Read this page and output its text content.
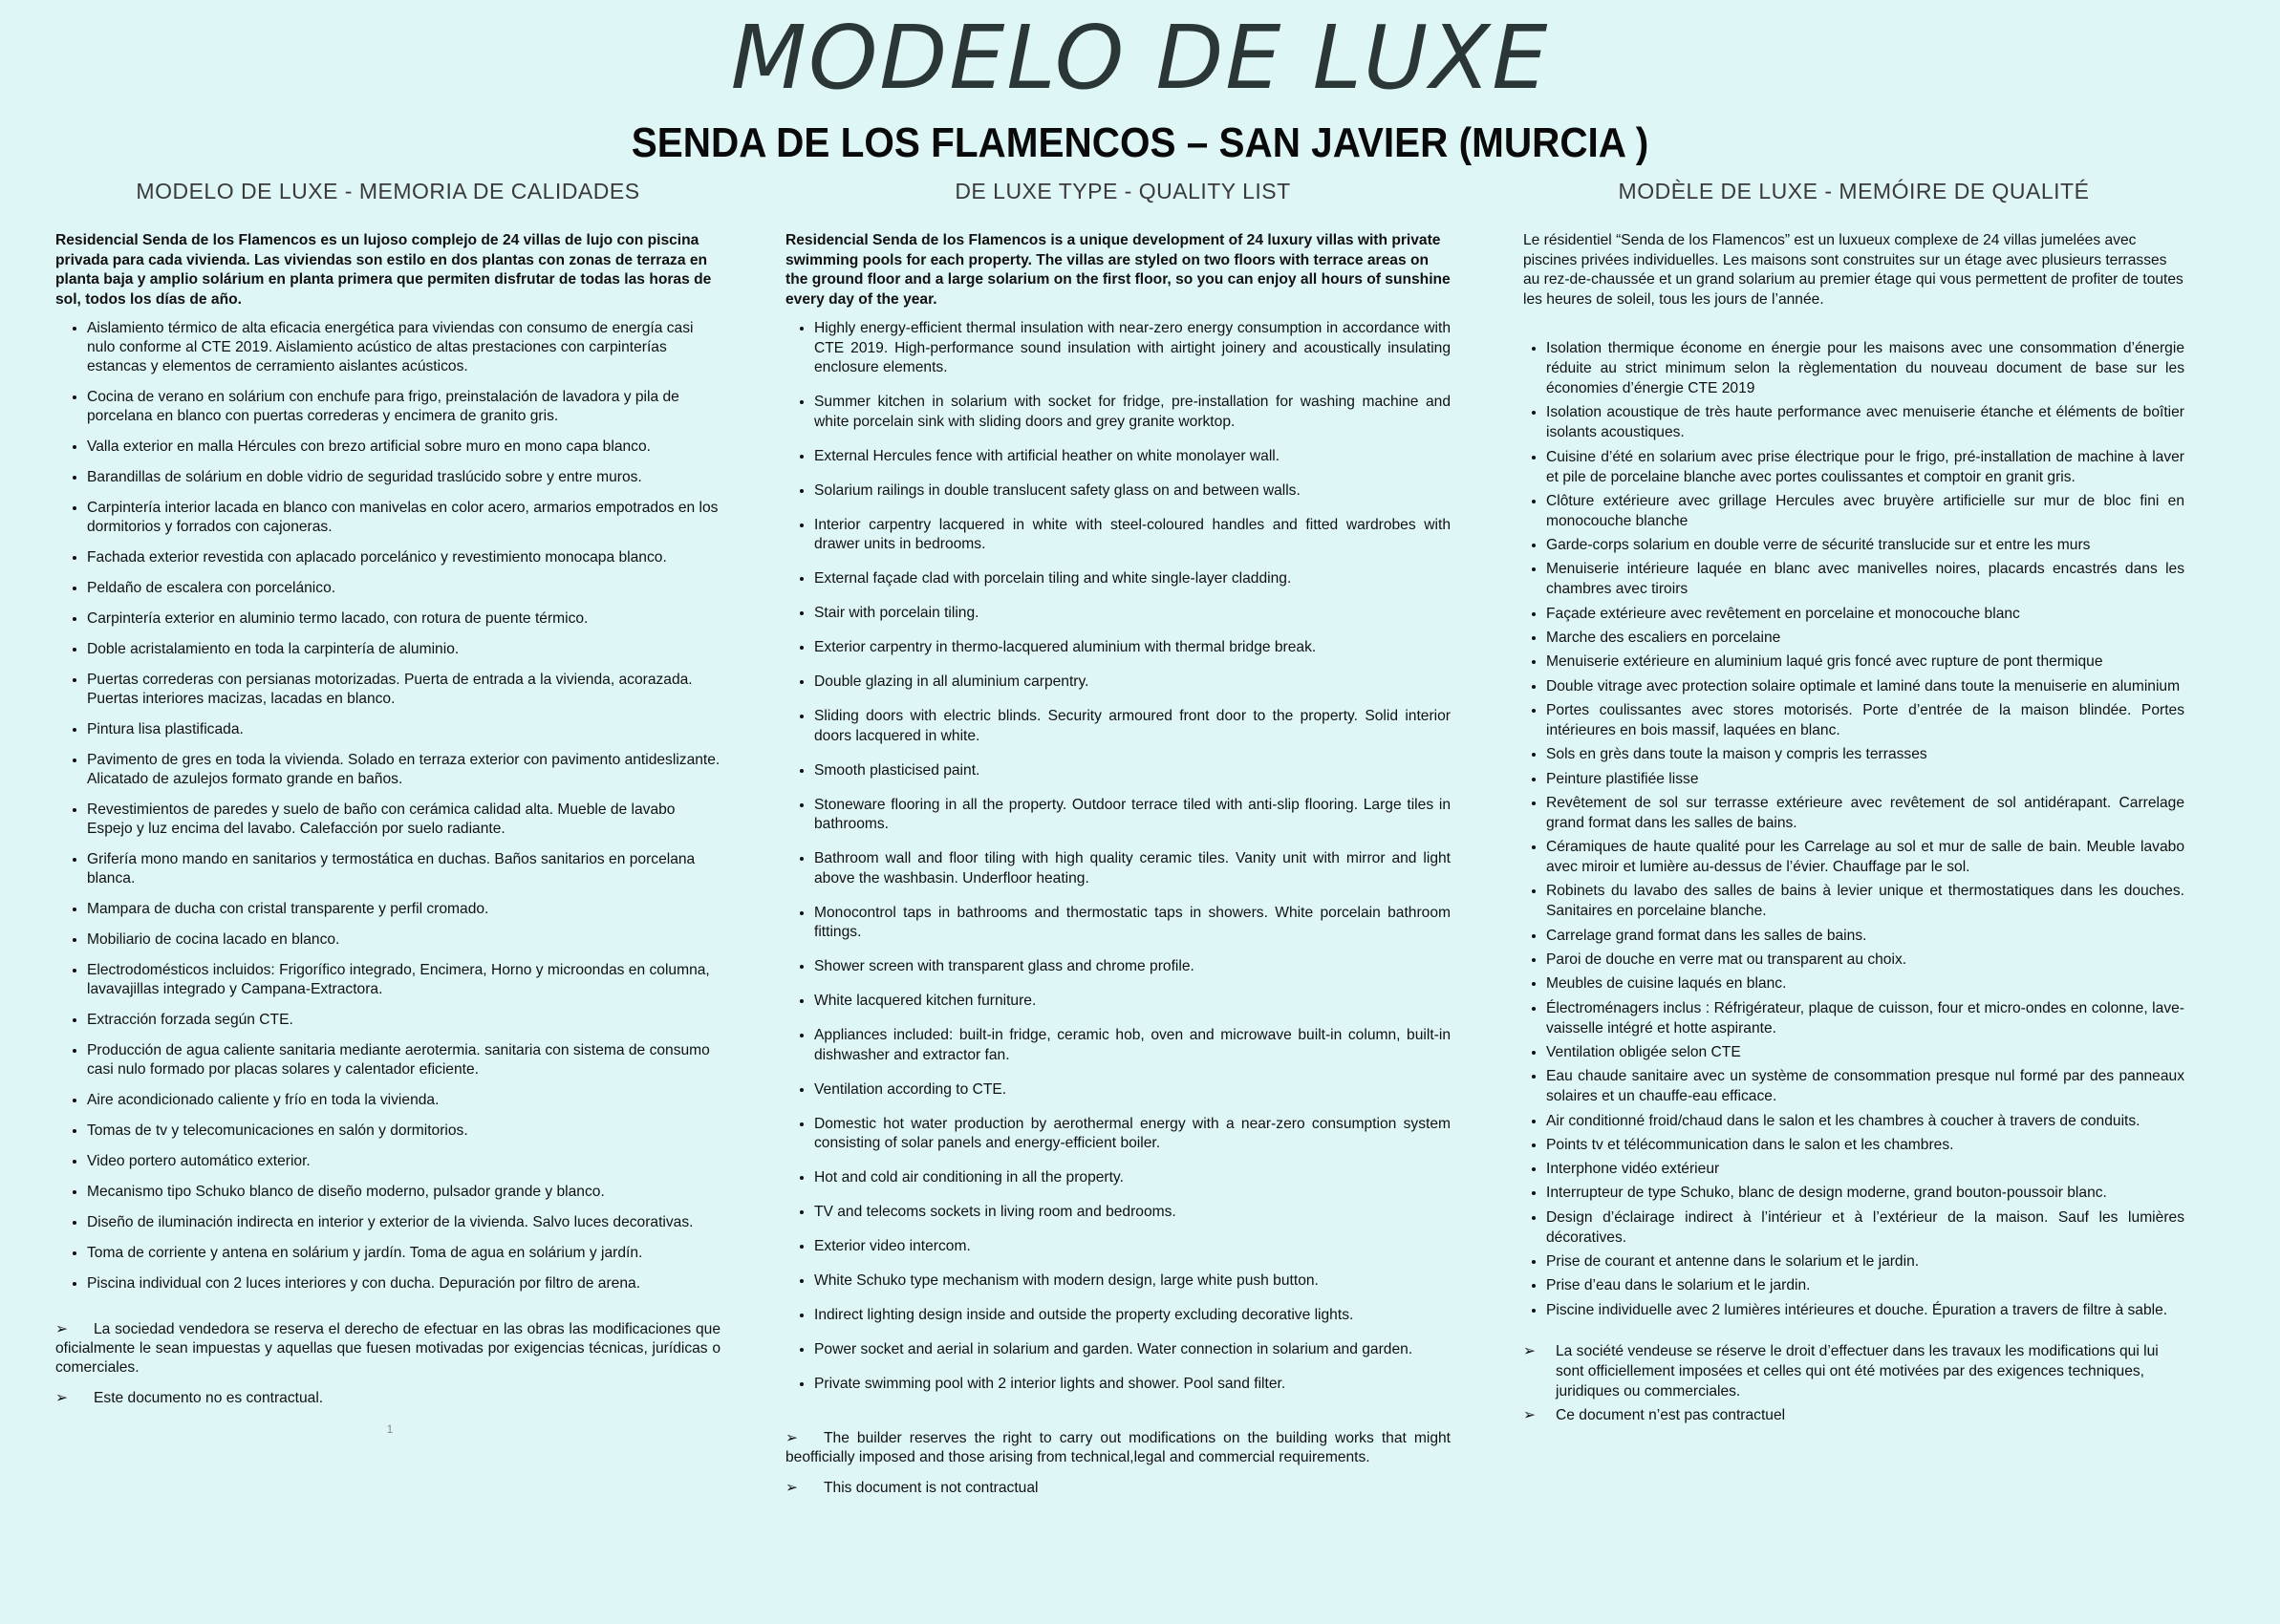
MODELO DE LUXE
SENDA DE LOS FLAMENCOS – SAN JAVIER (MURCIA )
MODELO DE LUXE - MEMORIA DE CALIDADES

Residencial Senda de los Flamencos es un lujoso complejo de 24 villas de lujo con piscina privada para cada vivienda. Las viviendas son estilo en dos plantas con zonas de terraza en planta baja y amplio solárium en planta primera que permiten disfrutar de todas las horas de sol, todos los días de año.

• Aislamiento térmico de alta eficacia energética para viviendas con consumo de energía casi nulo conforme al CTE 2019. Aislamiento acústico de altas prestaciones con carpinterías estancas y elementos de cerramiento aislantes acústicos.
• Cocina de verano en solárium con enchufe para frigo, preinstalación de lavadora y pila de porcelana en blanco con puertas correderas y encimera de granito gris.
• Valla exterior en malla Hércules con brezo artificial sobre muro en mono capa blanco.
• Barandillas de solárium en doble vidrio de seguridad traslúcido sobre y entre muros.
• Carpintería interior lacada en blanco con manivelas en color acero, armarios empotrados en los dormitorios y forrados con cajoneras.
• Fachada exterior revestida con aplacado porcelánico y revestimiento monocapa blanco.
• Peldaño de escalera con porcelánico.
• Carpintería exterior en aluminio termo lacado, con rotura de puente térmico.
• Doble acristalamiento en toda la carpintería de aluminio.
• Puertas correderas con persianas motorizadas. Puerta de entrada a la vivienda, acorazada. Puertas interiores macizas, lacadas en blanco.
• Pintura lisa plastificada.
• Pavimento de gres en toda la vivienda. Solado en terraza exterior con pavimento antideslizante. Alicatado de azulejos formato grande en baños.
• Revestimientos de paredes y suelo de baño con cerámica calidad alta. Mueble de lavabo Espejo y luz encima del lavabo. Calefacción por suelo radiante.
• Grifería mono mando en sanitarios y termostática en duchas. Baños sanitarios en porcelana blanca.
• Mampara de ducha con cristal transparente y perfil cromado.
• Mobiliario de cocina lacado en blanco.
• Electrodomésticos incluidos: Frigorífico integrado, Encimera, Horno y microondas en columna, lavavajillas integrado y Campana-Extractora.
• Extracción forzada según CTE.
• Producción de agua caliente sanitaria mediante aerotermia. sanitaria con sistema de consumo casi nulo formado por placas solares y calentador eficiente.
• Aire acondicionado caliente y frío en toda la vivienda.
• Tomas de tv y telecomunicaciones en salón y dormitorios.
• Video portero automático exterior.
• Mecanismo tipo Schuko blanco de diseño moderno, pulsador grande y blanco.
• Diseño de iluminación indirecta en interior y exterior de la vivienda. Salvo luces decorativas.
• Toma de corriente y antena en solárium y jardín. Toma de agua en solárium y jardín.
• Piscina individual con 2 luces interiores y con ducha. Depuración por filtro de arena.

➢ La sociedad vendedora se reserva el derecho de efectuar en las obras las modificaciones que oficialmente le sean impuestas y aquellas que fuesen motivadas por exigencias técnicas, jurídicas o comerciales.

➢ Este documento no es contractual.

1
DE LUXE TYPE - QUALITY LIST

Residencial Senda de los Flamencos is a unique development of 24 luxury villas with private swimming pools for each property. The villas are styled on two floors with terrace areas on the ground floor and a large solarium on the first floor, so you can enjoy all hours of sunshine every day of the year.

• Highly energy-efficient thermal insulation with near-zero energy consumption in accordance with CTE 2019. High-performance sound insulation with airtight joinery and acoustically insulating enclosure elements.
• Summer kitchen in solarium with socket for fridge, pre-installation for washing machine and white porcelain sink with sliding doors and grey granite worktop.
• External Hercules fence with artificial heather on white monolayer wall.
• Solarium railings in double translucent safety glass on and between walls.
• Interior carpentry lacquered in white with steel-coloured handles and fitted wardrobes with drawer units in bedrooms.
• External façade clad with porcelain tiling and white single-layer cladding.
• Stair with porcelain tiling.
• Exterior carpentry in thermo-lacquered aluminium with thermal bridge break.
• Double glazing in all aluminium carpentry.
• Sliding doors with electric blinds. Security armoured front door to the property. Solid interior doors lacquered in white.
• Smooth plasticised paint.
• Stoneware flooring in all the property. Outdoor terrace tiled with anti-slip flooring. Large tiles in bathrooms.
• Bathroom wall and floor tiling with high quality ceramic tiles. Vanity unit with mirror and light above the washbasin. Underfloor heating.
• Monocontrol taps in bathrooms and thermostatic taps in showers. White porcelain bathroom fittings.
• Shower screen with transparent glass and chrome profile.
• White lacquered kitchen furniture.
• Appliances included: built-in fridge, ceramic hob, oven and microwave built-in column, built-in dishwasher and extractor fan.
• Ventilation according to CTE.
• Domestic hot water production by aerothermal energy with a near-zero consumption system consisting of solar panels and energy-efficient boiler.
• Hot and cold air conditioning in all the property.
• TV and telecoms sockets in living room and bedrooms.
• Exterior video intercom.
• White Schuko type mechanism with modern design, large white push button.
• Indirect lighting design inside and outside the property excluding decorative lights.
• Power socket and aerial in solarium and garden. Water connection in solarium and garden.
• Private swimming pool with 2 interior lights and shower. Pool sand filter.

➢ The builder reserves the right to carry out modifications on the building works that might beofficially imposed and those arising from technical,legal and commercial requirements.

➢ This document is not contractual

MODÈLE DE LUXE - MEMÓIRE DE QUALITÉ

Le résidentiel “Senda de los Flamencos” est un luxueux complexe de 24 villas jumelées avec piscines privées individuelles. Les maisons sont construites sur un étage avec plusieurs terrasses au rez-de-chaussée et un grand solarium au premier étage qui vous permettent de profiter de toutes les heures de soleil, tous les jours de l’année.

• Isolation thermique économe en énergie pour les maisons avec une consommation d’énergie réduite au strict minimum selon la règlementation du nouveau document de base sur les économies d’énergie CTE 2019
• Isolation acoustique de très haute performance avec menuiserie étanche et éléments de boîtier isolants acoustiques.
• Cuisine d’été en solarium avec prise électrique pour le frigo, pré-installation de machine à laver et pile de porcelaine blanche avec portes coulissantes et comptoir en granit gris.
• Clôture extérieure avec grillage Hercules avec bruyère artificielle sur mur de bloc fini en monocouche blanche
• Garde-corps solarium en double verre de sécurité translucide sur et entre les murs
• Menuiserie intérieure laquée en blanc avec manivelles noires, placards encastrés dans les chambres avec tiroirs
• Façade extérieure avec revêtement en porcelaine et monocouche blanc
• Marche des escaliers en porcelaine
• Menuiserie extérieure en aluminium laqué gris foncé avec rupture de pont thermique
• Double vitrage avec protection solaire optimale et laminé dans toute la menuiserie en aluminium
• Portes coulissantes avec stores motorisés. Porte d’entrée de la maison blindée. Portes intérieures en bois massif, laquées en blanc.
• Sols en grès dans toute la maison y compris les terrasses
• Peinture plastifiée lisse
• Revêtement de sol sur terrasse extérieure avec revêtement de sol antidérapant. Carrelage grand format dans les salles de bains.
• Céramiques de haute qualité pour les Carrelage au sol et mur de salle de bain. Meuble lavabo avec miroir et lumière au-dessus de l’évier. Chauffage par le sol.
• Robinets du lavabo des salles de bains à levier unique et thermostatiques dans les douches. Sanitaires en porcelaine blanche.
• Carrelage grand format dans les salles de bains.
• Paroi de douche en verre mat ou transparent au choix.
• Meubles de cuisine laqués en blanc.
• Électroménagers inclus : Réfrigérateur, plaque de cuisson, four et micro-ondes en colonne, lave-vaisselle intégré et hotte aspirante.
• Ventilation obligée selon CTE
• Eau chaude sanitaire avec un système de consommation presque nul formé par des panneaux solaires et un chauffe-eau efficace.
• Air conditionné froid/chaud dans le salon et les chambres à coucher à travers de conduits.
• Points tv et télécommunication dans le salon et les chambres.
• Interphone vidéo extérieur
• Interrupteur de type Schuko, blanc de design moderne, grand bouton-poussoir blanc.
• Design d’éclairage indirect à l’intérieur et à l’extérieur de la maison. Sauf les lumières décoratives.
• Prise de courant et antenne dans le solarium et le jardin.
• Prise d’eau dans le solarium et le jardin.
• Piscine individuelle avec 2 lumières intérieures et douche. Épuration a travers de filtre à sable.

➢	La société vendeuse se réserve le droit d’effectuer dans les travaux les modifications qui lui sont officiellement imposées et celles qui ont été motivées par des exigences techniques, juridiques ou commerciales.

➢	Ce document n’est pas contractuel
